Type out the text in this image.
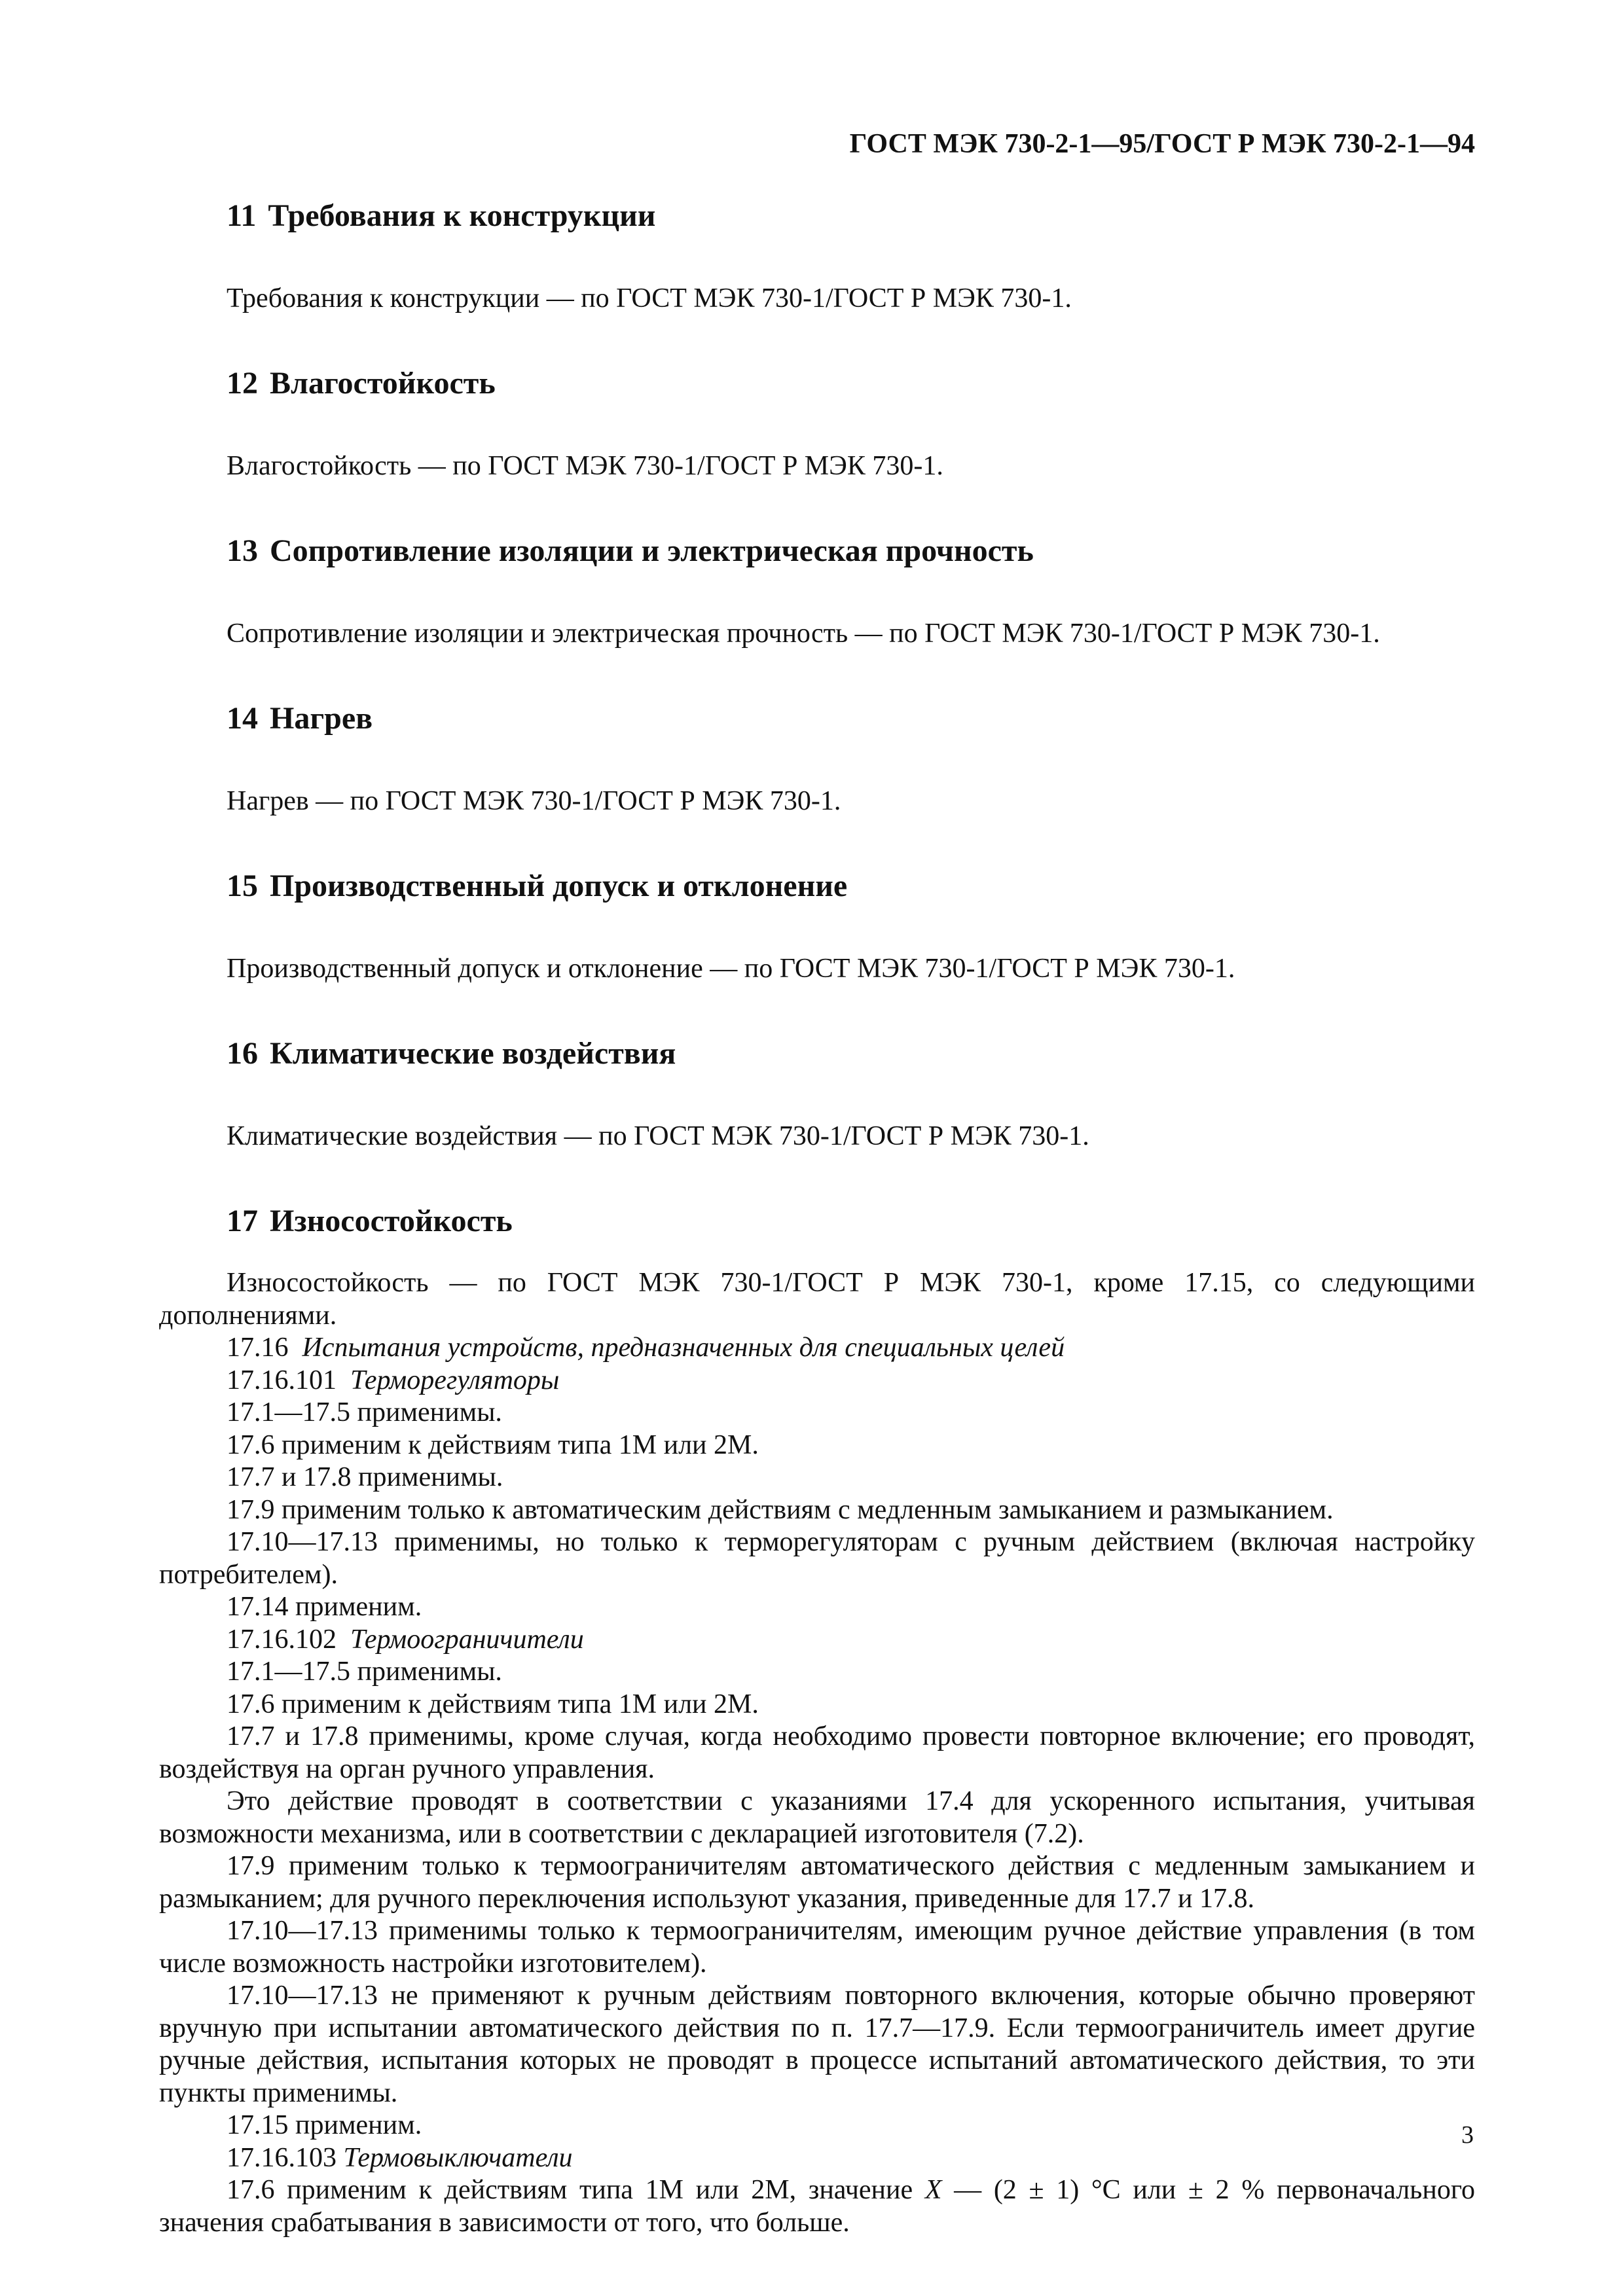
ГОСТ МЭК 730-2-1—95/ГОСТ Р МЭК 730-2-1—94
11 Требования к конструкции
Требования к конструкции — по ГОСТ МЭК 730-1/ГОСТ Р МЭК 730-1.
12 Влагостойкость
Влагостойкость — по ГОСТ МЭК 730-1/ГОСТ Р МЭК 730-1.
13 Сопротивление изоляции и электрическая прочность
Сопротивление изоляции и электрическая прочность — по ГОСТ МЭК 730-1/ГОСТ Р МЭК 730-1.
14 Нагрев
Нагрев — по ГОСТ МЭК 730-1/ГОСТ Р МЭК 730-1.
15 Производственный допуск и отклонение
Производственный допуск и отклонение — по ГОСТ МЭК 730-1/ГОСТ Р МЭК 730-1.
16 Климатические воздействия
Климатические воздействия — по ГОСТ МЭК 730-1/ГОСТ Р МЭК 730-1.
17 Износостойкость

Износостойкость — по ГОСТ МЭК 730-1/ГОСТ Р МЭК 730-1, кроме 17.15, со следующими дополнениями.

17.16 Испытания устройств, предназначенных для специальных целей

17.16.101 Терморегуляторы

17.1—17.5 применимы.

17.6 применим к действиям типа 1М или 2М.

17.7 и 17.8 применимы.

17.9 применим только к автоматическим действиям с медленным замыканием и размыканием.

17.10—17.13 применимы, но только к терморегуляторам с ручным действием (включая настройку потребителем).

17.14 применим.

17.16.102 Термоограничители

17.1—17.5 применимы.

17.6 применим к действиям типа 1М или 2М.

17.7 и 17.8 применимы, кроме случая, когда необходимо провести повторное включение; его проводят, воздействуя на орган ручного управления.

Это действие проводят в соответствии с указаниями 17.4 для ускоренного испытания, учитывая возможности механизма, или в соответствии с декларацией изготовителя (7.2).

17.9 применим только к термоограничителям автоматического действия с медленным замыканием и размыканием; для ручного переключения используют указания, приведенные для 17.7 и 17.8.

17.10—17.13 применимы только к термоограничителям, имеющим ручное действие управления (в том числе возможность настройки изготовителем).

17.10—17.13 не применяют к ручным действиям повторного включения, которые обычно проверяют вручную при испытании автоматического действия по п. 17.7—17.9. Если термоограничитель имеет другие ручные действия, испытания которых не проводят в процессе испытаний автоматического действия, то эти пункты применимы.

17.15 применим.

17.16.103 Термовыключатели

17.6 применим к действиям типа 1М или 2М, значение X — (2 ± 1) °С или ± 2 % первоначального значения срабатывания в зависимости от того, что больше.

3
